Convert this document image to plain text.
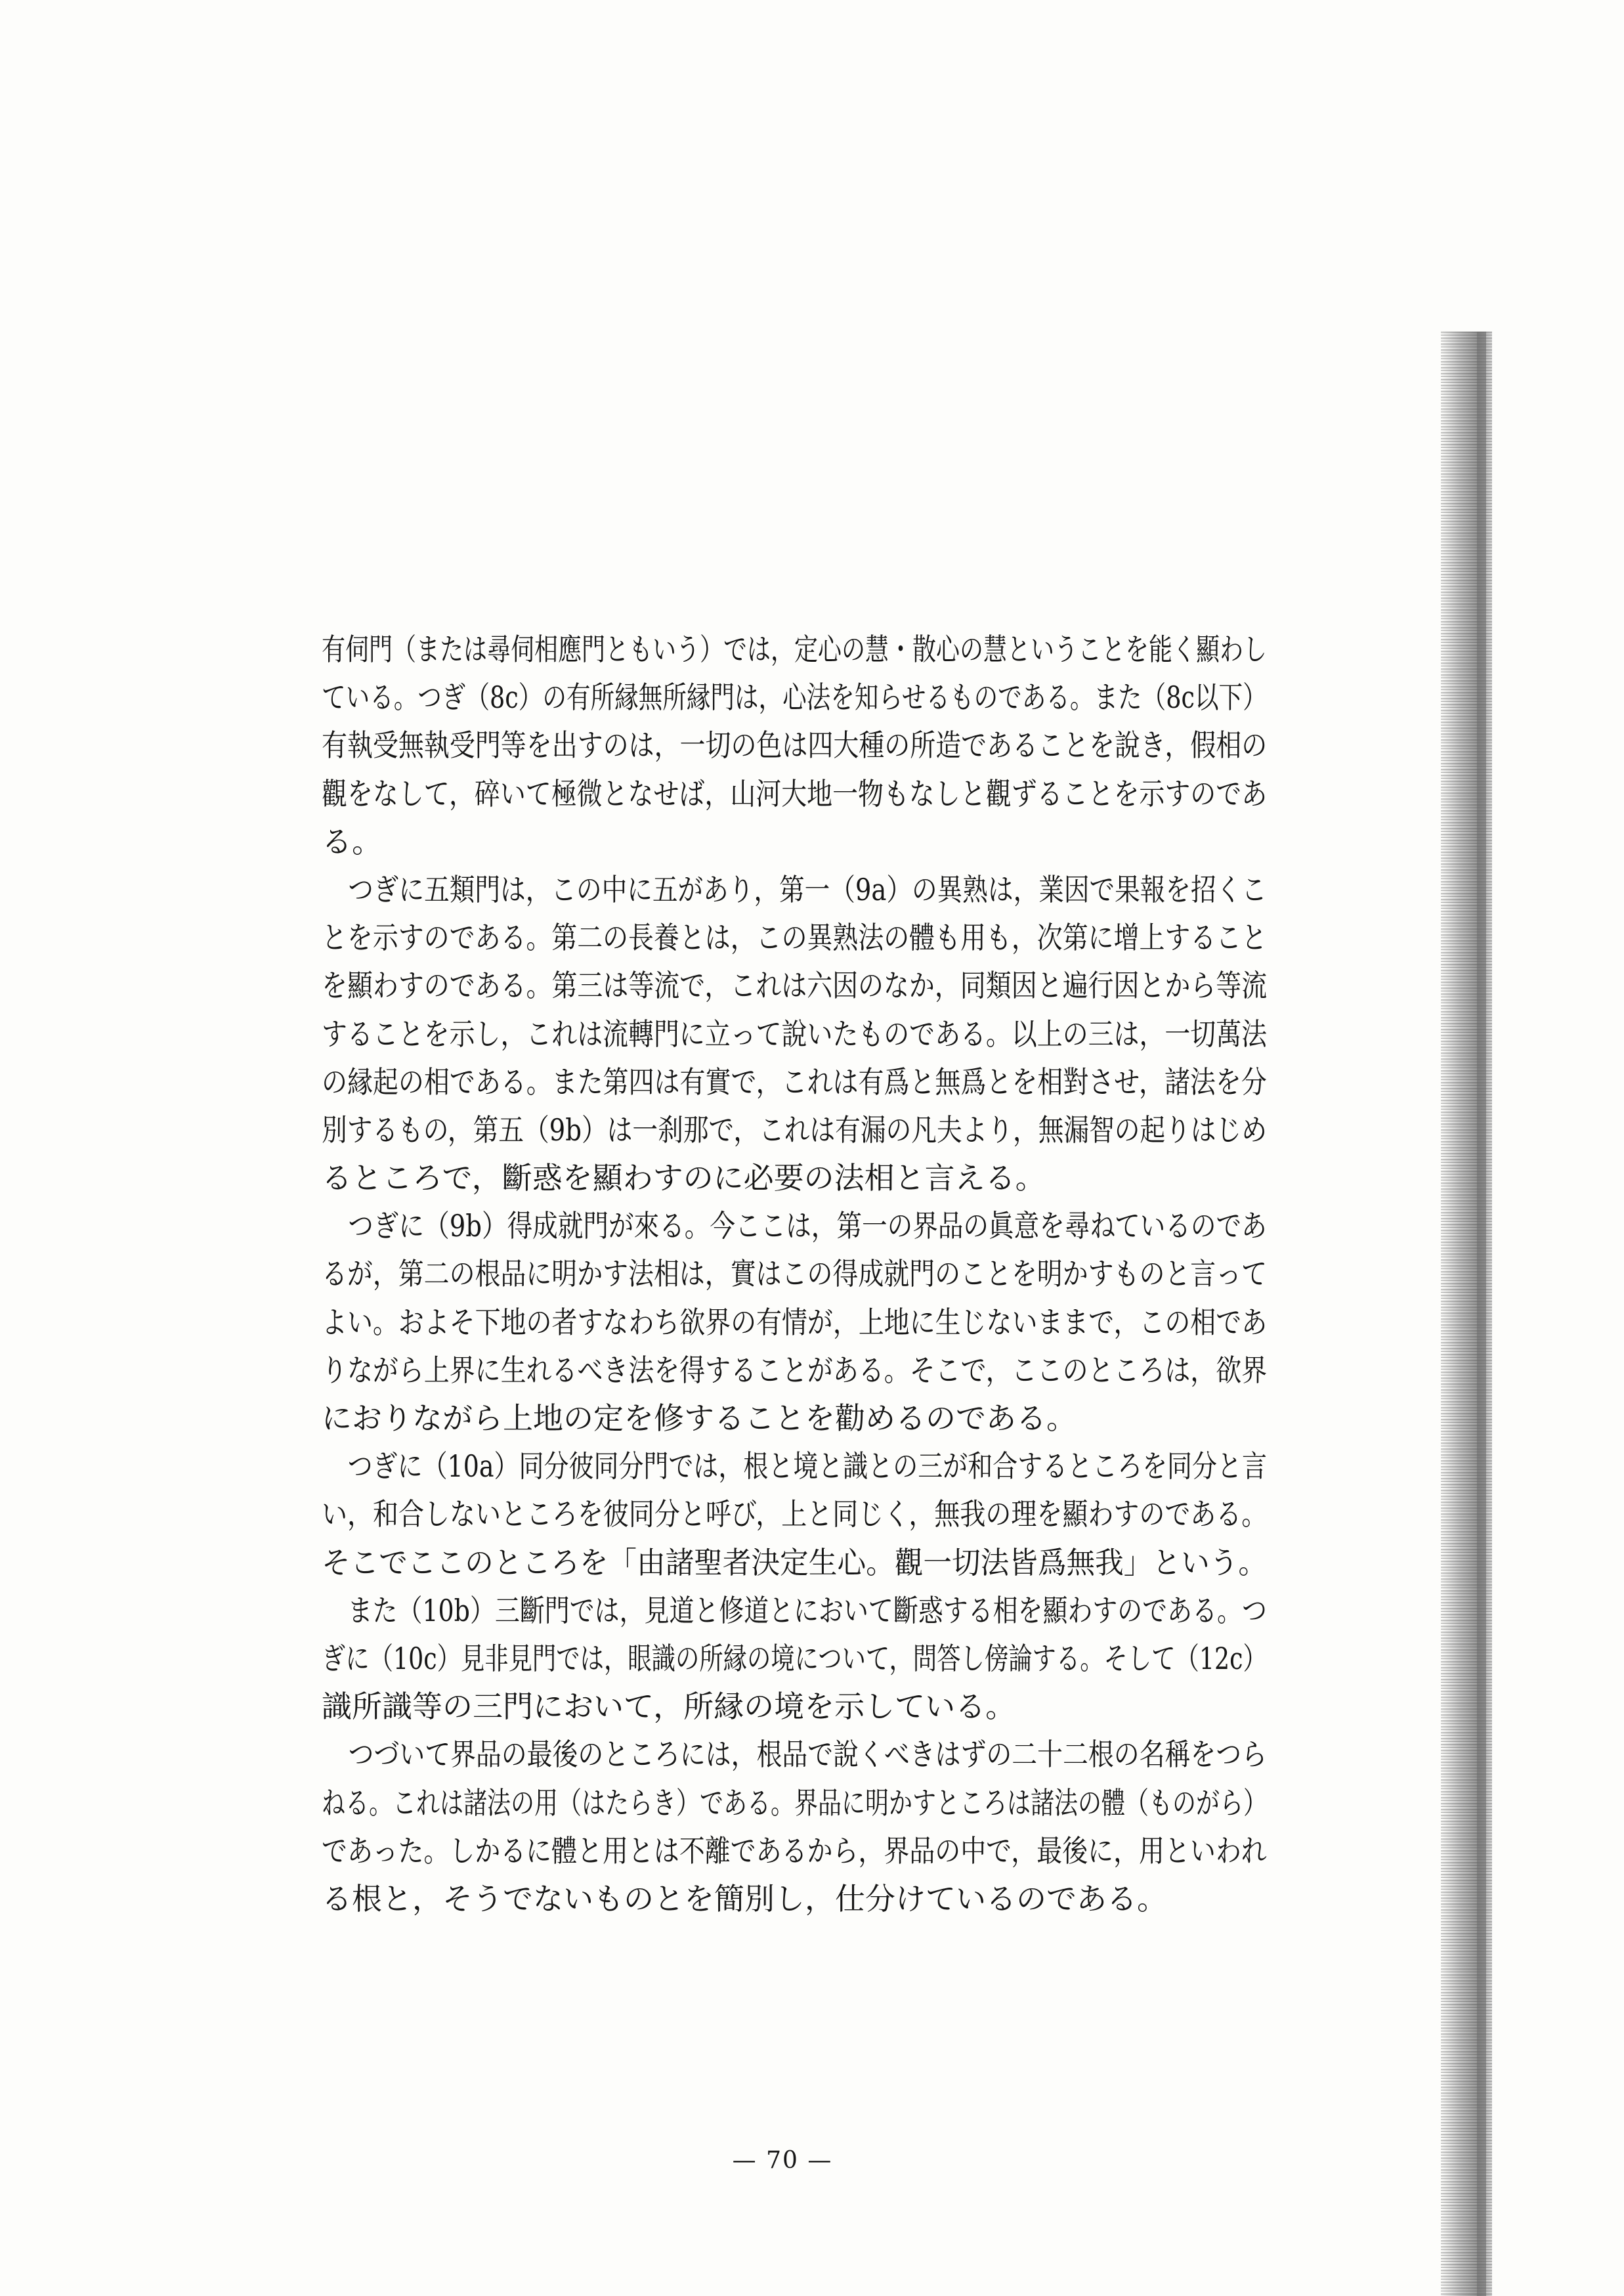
有伺門（または尋伺相應門ともいう）では，定心の慧・散心の慧ということを能く顯わし
ている。つぎ（8c）の有所縁無所縁門は，心法を知らせるものである。また（8c以下）
有執受無執受門等を出すのは，一切の色は四大種の所造であることを說き，假相の
觀をなして，碎いて極微となせば，山河大地一物もなしと觀ずることを示すのであ
る。
つぎに五類門は，この中に五があり，第一（9a）の異熟は，業因で果報を招くこ
とを示すのである。第二の長養とは，この異熟法の體も用も，次第に增上すること
を顯わすのである。第三は等流で，これは六因のなか，同類因と遍行因とから等流
することを示し，これは流轉門に立って說いたものである。以上の三は，一切萬法
の縁起の相である。また第四は有實で，これは有爲と無爲とを相對させ，諸法を分
別するもの，第五（9b）は一刹那で，これは有漏の凡夫より，無漏智の起りはじめ
るところで，斷惑を顯わすのに必要の法相と言える。
つぎに（9b）得成就門が來る。今ここは，第一の界品の眞意を尋ねているのであ
るが，第二の根品に明かす法相は，實はこの得成就門のことを明かすものと言って
よい。およそ下地の者すなわち欲界の有情が，上地に生じないままで，この相であ
りながら上界に生れるべき法を得することがある。そこで，ここのところは，欲界
におりながら上地の定を修することを勸めるのである。
つぎに（10a）同分彼同分門では，根と境と識との三が和合するところを同分と言
い，和合しないところを彼同分と呼び，上と同じく，無我の理を顯わすのである。
そこでここのところを「由諸聖者決定生心。觀一切法皆爲無我」という。
また（10b）三斷門では，見道と修道とにおいて斷惑する相を顯わすのである。つ
ぎに（10c）見非見門では，眼識の所縁の境について，問答し傍論する。そして（12c）
識所識等の三門において，所縁の境を示している。
つづいて界品の最後のところには，根品で說くべきはずの二十二根の名稱をつら
ねる。これは諸法の用（はたらき）である。界品に明かすところは諸法の體（ものがら）
であった。しかるに體と用とは不離であるから，界品の中で，最後に，用といわれ
る根と，そうでないものとを簡別し，仕分けているのである。
— 70 —
